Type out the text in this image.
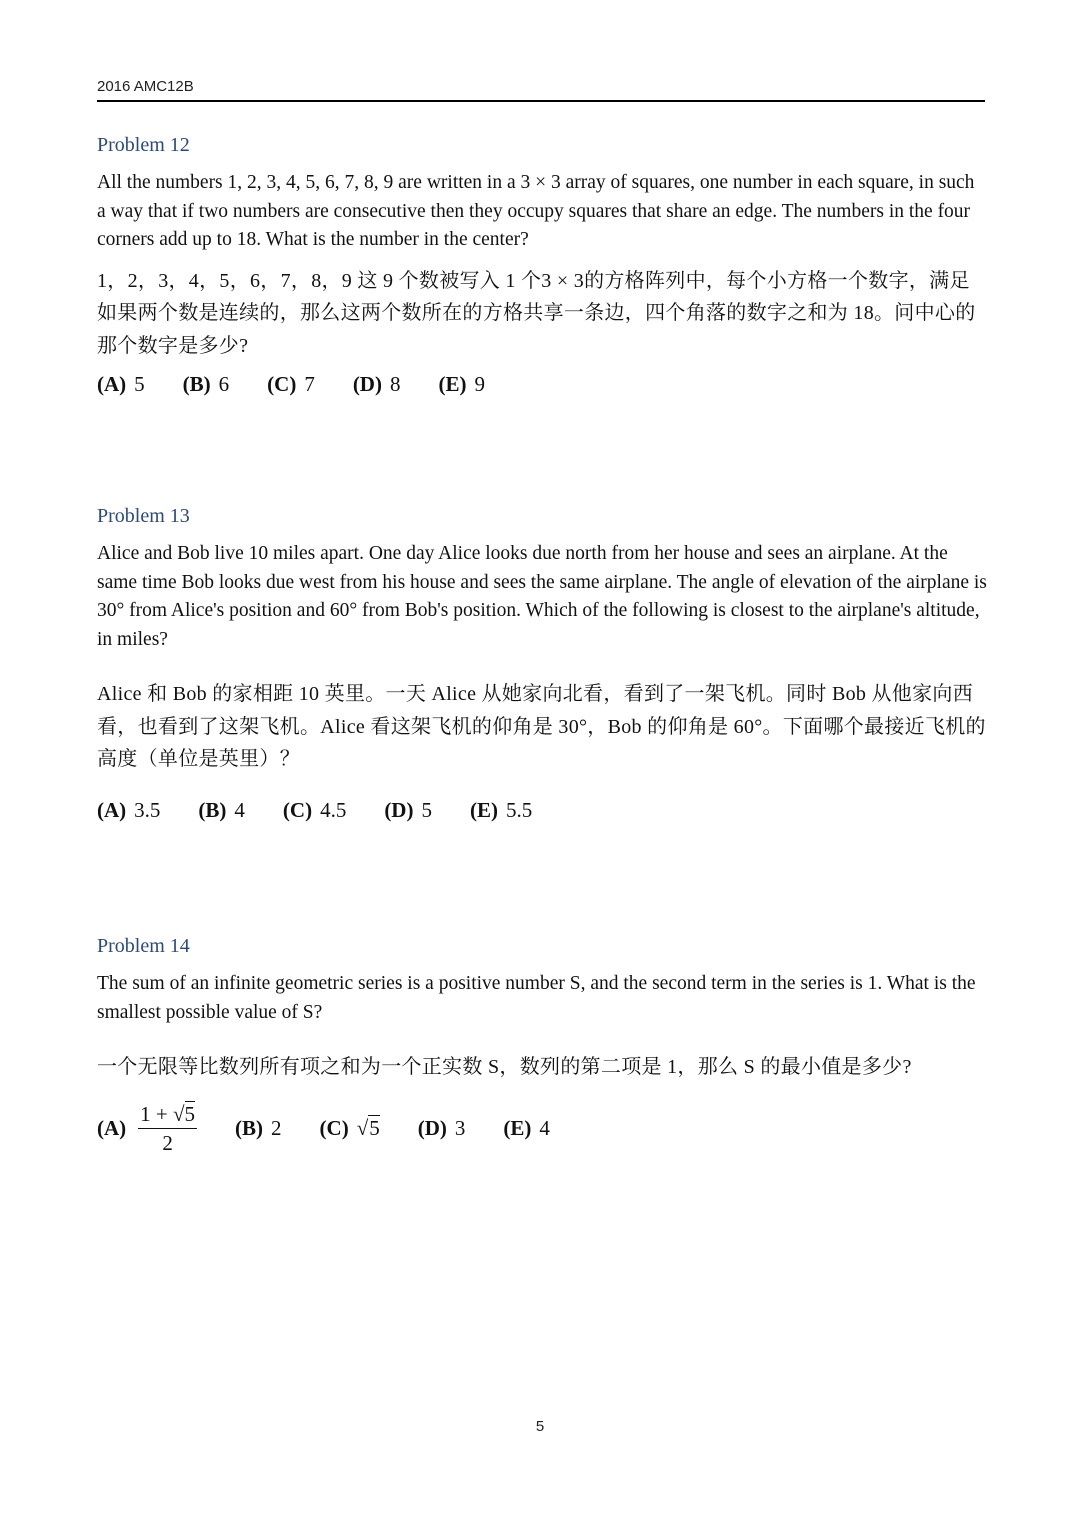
2016 AMC12B
Problem 12

All the numbers 1, 2, 3, 4, 5, 6, 7, 8, 9 are written in a 3 × 3 array of squares, one number in each square, in such a way that if two numbers are consecutive then they occupy squares that share an edge. The numbers in the four corners add up to 18. What is the number in the center?

1，2，3，4，5，6，7，8，9 这 9 个数被写入 1 个3 × 3的方格阵列中，每个小方格一个数字，满足如果两个数是连续的，那么这两个数所在的方格共享一条边，四个角落的数字之和为 18。问中心的那个数字是多少?

(A) 5 (B) 6 (C) 7 (D) 8 (E) 9
Problem 13

Alice and Bob live 10 miles apart. One day Alice looks due north from her house and sees an airplane. At the same time Bob looks due west from his house and sees the same airplane. The angle of elevation of the airplane is 30° from Alice's position and 60° from Bob's position. Which of the following is closest to the airplane's altitude, in miles?

Alice 和 Bob 的家相距 10 英里。一天 Alice 从她家向北看，看到了一架飞机。同时 Bob 从他家向西看，也看到了这架飞机。Alice 看这架飞机的仰角是 30°，Bob 的仰角是 60°。下面哪个最接近飞机的高度（单位是英里）？

(A) 3.5 (B) 4 (C) 4.5 (D) 5 (E) 5.5
Problem 14

The sum of an infinite geometric series is a positive number S, and the second term in the series is 1. What is the smallest possible value of S?

一个无限等比数列所有项之和为一个正实数 S，数列的第二项是 1，那么 S 的最小值是多少?

$(A) \frac{1 + √5}{2} (B)$ 2 (C) √5 (D) 3 (E) 4
5
